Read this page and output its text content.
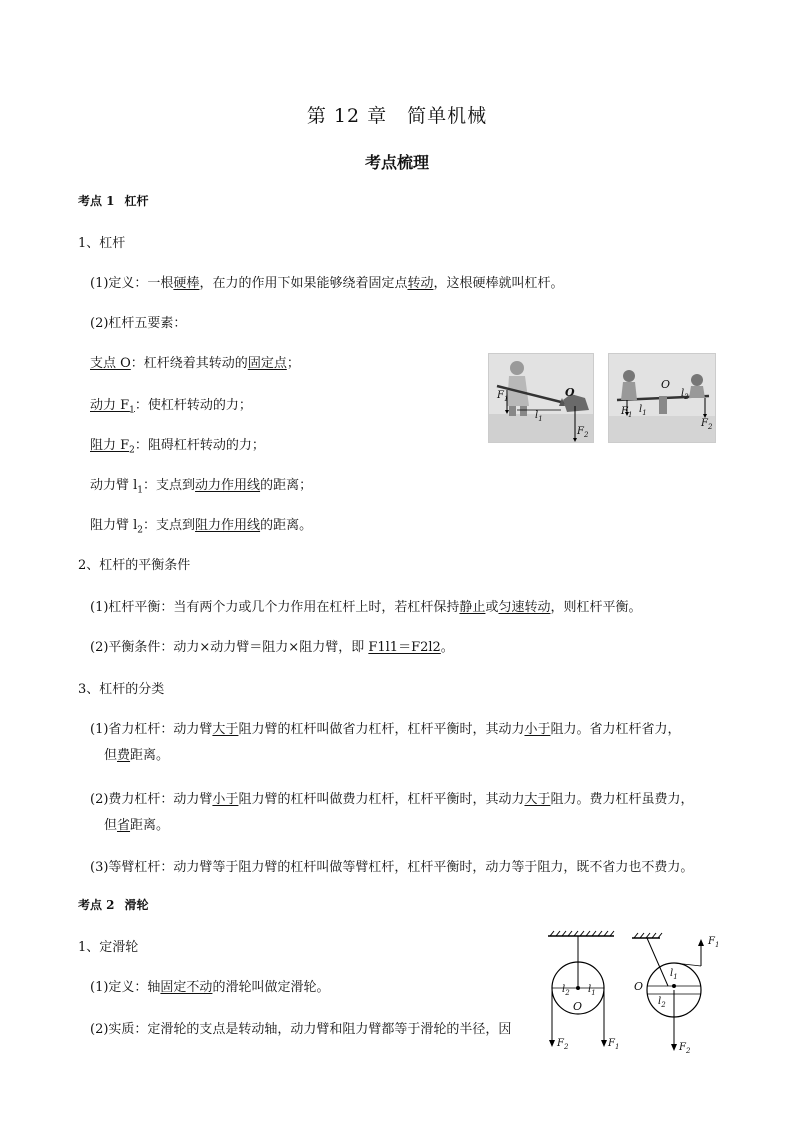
第 12 章　简单机械
考点梳理
考点 1 杠杆
1、杠杆
(1)定义：一根硬棒，在力的作用下如果能够绕着固定点转动，这根硬棒就叫杠杆。
(2)杠杆五要素：
支点 O：杠杆绕着其转动的固定点；
动力 $F_1$：使杠杆转动的力；
阻力 $F_2$：阻碍杠杆转动的力；
动力臂 $l_1$：支点到动力作用线的距离；
阻力臂 $l_2$：支点到阻力作用线的距离。
$F_1$
$l_1$
O
$F_2$
O
$F_1$ $l_1$
$l_2$
$F_2$
2、杠杆的平衡条件
(1)杠杆平衡：当有两个力或几个力作用在杠杆上时，若杠杆保持静止或匀速转动，则杠杆平衡。
(2)平衡条件：动力×动力臂＝阻力×阻力臂，即 F1l1＝F2l2。
3、杠杆的分类
(1)省力杠杆：动力臂大于阻力臂的杠杆叫做省力杠杆，杠杆平衡时，其动力小于阻力。省力杠杆省力，
但费距离。
(2)费力杠杆：动力臂小于阻力臂的杠杆叫做费力杠杆，杠杆平衡时，其动力大于阻力。费力杠杆虽费力，
但省距离。
(3)等臂杠杆：动力臂等于阻力臂的杠杆叫做等臂杠杆，杠杆平衡时，动力等于阻力，既不省力也不费力。
考点 2 滑轮
1、定滑轮
(1)定义：轴固定不动的滑轮叫做定滑轮。
(2)实质：定滑轮的支点是转动轴，动力臂和阻力臂都等于滑轮的半径，因
$l_2$ $l_1$
O
$F_2$	$F_1$
$F_1$
$l_1$
O
$l_2$
$F_2$
